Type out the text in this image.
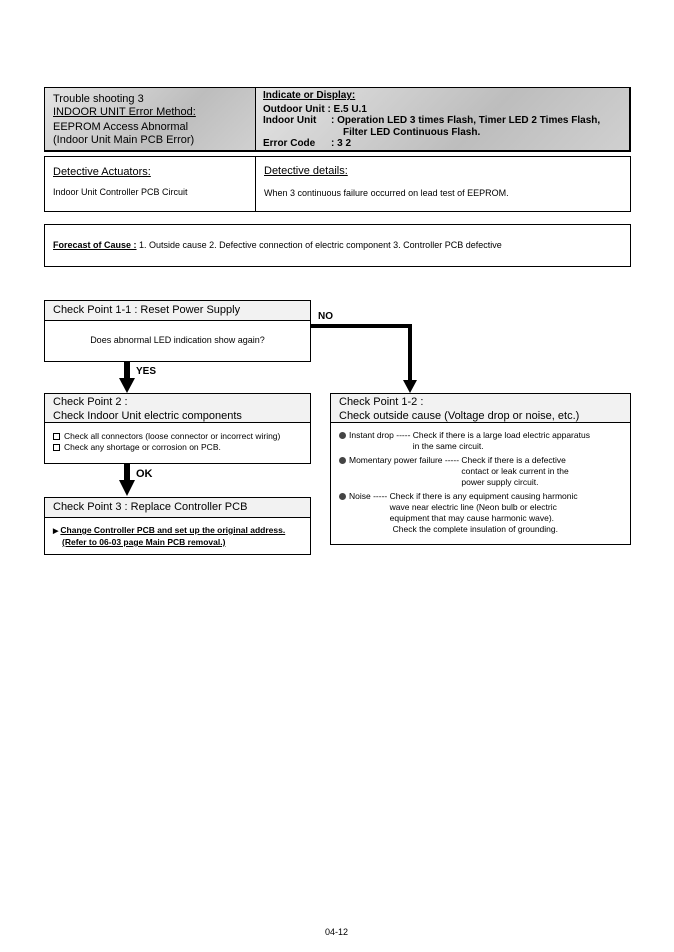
Trouble shooting 3
INDOOR UNIT Error Method:
EEPROM Access Abnormal
(Indoor Unit Main PCB Error)
Indicate or Display:
Outdoor Unit : E.5 U.1
Indoor Unit : Operation LED 3 times Flash, Timer LED 2 Times Flash,
Filter LED Continuous Flash.
Error Code : 3 2
Detective Actuators:
Indoor Unit Controller PCB Circuit
Detective details:
When 3 continuous failure occurred on lead test of EEPROM.
Forecast of Cause : 1. Outside cause 2. Defective connection of electric component 3. Controller PCB defective
Check Point 1-1 : Reset Power Supply
Does abnormal LED indication show again?
NO
YES
OK
Check Point 2 :
Check Indoor Unit electric components
Check all connectors (loose connector or incorrect wiring)
Check any shortage or corrosion on PCB.
Check Point 3 : Replace Controller PCB
▶ Change Controller PCB and set up the original address.
(Refer to 06-03 page Main PCB removal.)
Check Point 1-2 :
Check outside cause (Voltage drop or noise, etc.)
Instant drop ----- Check if there is a large load electric apparatus
in the same circuit.
Momentary power failure ----- Check if there is a defective
contact or leak current in the
power supply circuit.
Noise ----- Check if there is any equipment causing harmonic
wave near electric line (Neon bulb or electric
equipment that may cause harmonic wave).
Check the complete insulation of grounding.
04-12
